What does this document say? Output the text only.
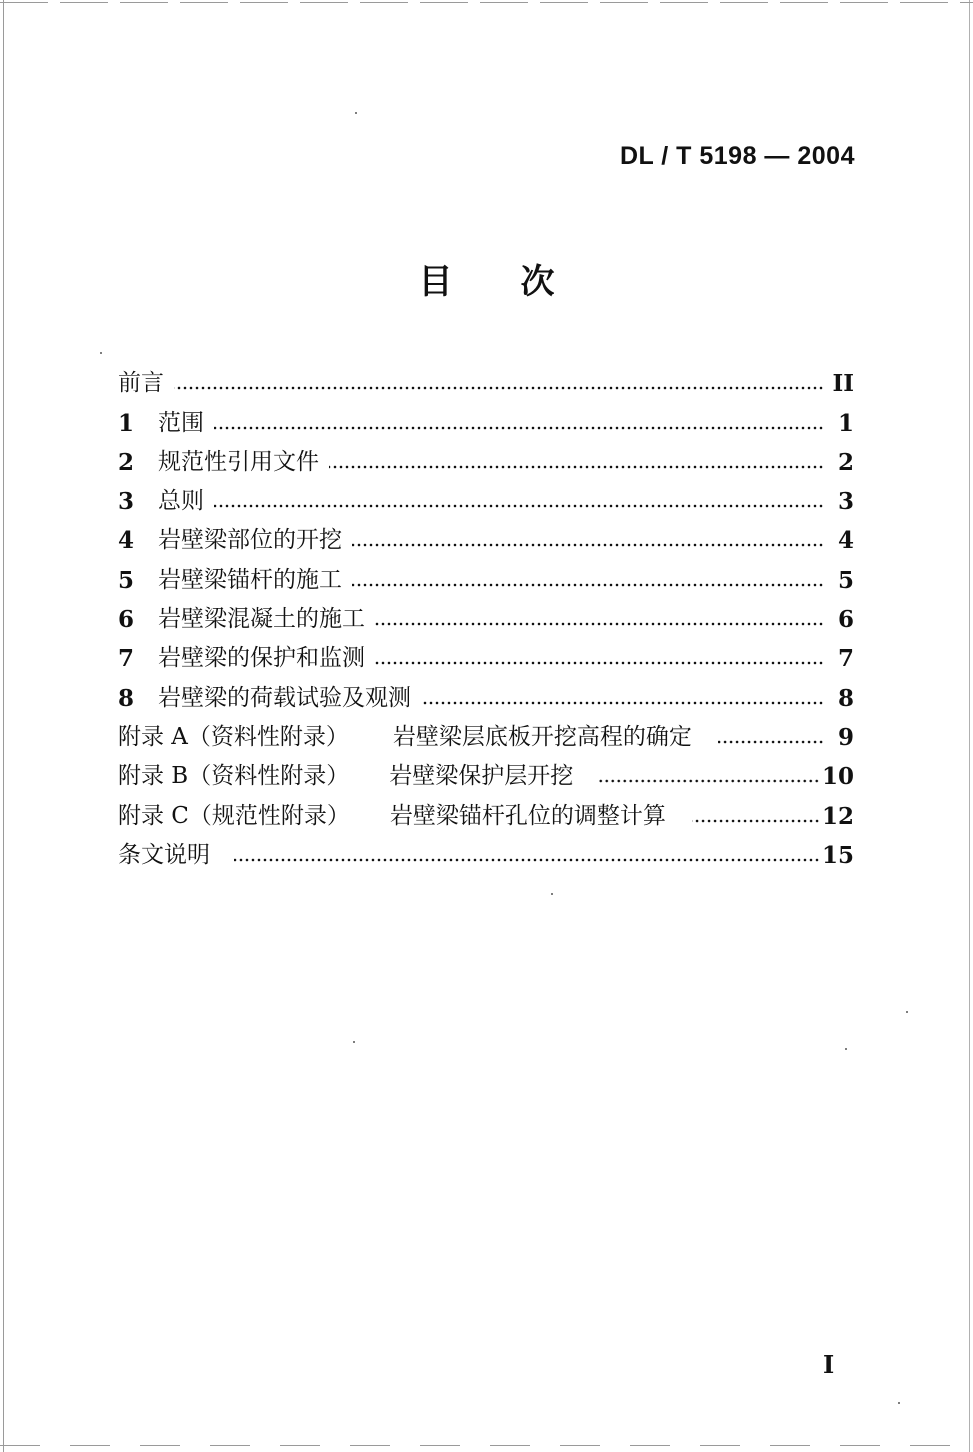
DL / T 5198 — 2004
目次
前言	II
1	范围	1
2	规范性引用文件	2
3	总则	3
4	岩壁梁部位的开挖	4
5	岩壁梁锚杆的施工	5
6	岩壁梁混凝土的施工	6
7	岩壁梁的保护和监测	7
8	岩壁梁的荷载试验及观测	8
附录 A（资料性附录） 岩壁梁层底板开挖高程的确定	9
附录 B（资料性附录） 岩壁梁保护层开挖	10
附录 C（规范性附录） 岩壁梁锚杆孔位的调整计算	12
条文说明	15
I
